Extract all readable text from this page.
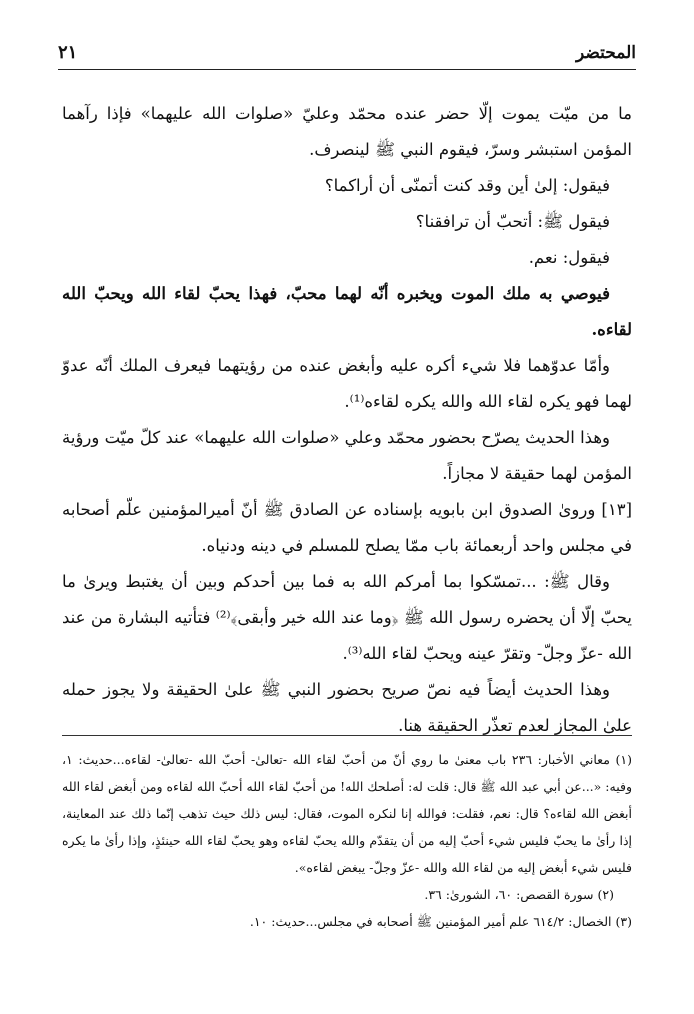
المحتضر
٢١

ما من ميّت يموت إلّا حضر عنده محمّد وعليّ «صلوات الله عليهما» فإذا رآهما المؤمن استبشر وسرّ، فيقوم النبي ﷺ لينصرف.

فيقول: إلىٰ أين وقد كنت أتمنّى أن أراكما؟

فيقول ﷺ: أتحبّ أن ترافقنا؟

فيقول: نعم.

فيوصي به ملك الموت ويخبره أنّه لهما محبّ، فهذا يحبّ لقاء الله ويحبّ الله لقاءه.

وأمّا عدوّهما فلا شيء أكره عليه وأبغض عنده من رؤيتهما فيعرف الملك أنّه عدوّ لهما فهو يكره لقاء الله والله يكره لقاءه⁽¹⁾.

وهذا الحديث يصرّح بحضور محمّد وعلي «صلوات الله عليهما» عند كلّ ميّت ورؤية المؤمن لهما حقيقة لا مجازاً.

[١٣] وروىٰ الصدوق ابن بابويه بإسناده عن الصادق ﷺ أنّ أميرالمؤمنين علّم أصحابه في مجلس واحد أربعمائة باب ممّا يصلح للمسلم في دينه ودنياه.

وقال ﷺ: ...تمسّكوا بما أمركم الله به فما بين أحدكم وبين أن يغتبط ويرىٰ ما يحبّ إلّا أن يحضره رسول الله ﷺ ﴿وما عند الله خير وأبقى﴾⁽²⁾ فتأتيه البشارة من عند الله -عزّ وجلّ- وتقرّ عينه ويحبّ لقاء الله⁽³⁾.

وهذا الحديث أيضاً فيه نصّ صريح بحضور النبي ﷺ علىٰ الحقيقة ولا يجوز حمله علىٰ المجاز لعدم تعذّر الحقيقة هنا.

(١) معاني الأخبار: ٢٣٦ باب معنىٰ ما روي أنّ من أحبّ لقاء الله -تعالىٰ- أحبّ الله -تعالىٰ- لقاءه...حديث: ١، وفيه: «...عن أبي عبد الله ﷺ قال: قلت له: أصلحك الله! من أحبّ لقاء الله أحبّ الله لقاءه ومن أبغض لقاء الله أبغض الله لقاءه؟ قال: نعم، فقلت: فوالله إنا لنكره الموت، فقال: ليس ذلك حيث تذهب إنّما ذلك عند المعاينة، إذا رأىٰ ما يحبّ فليس شيء أحبّ إليه من أن يتقدّم والله يحبّ لقاءه وهو يحبّ لقاء الله حينئذٍ، وإذا رأىٰ ما يكره فليس شيء أبغض إليه من لقاء الله والله -عزّ وجلّ- يبغض لقاءه».

(٢) سورة القصص: ٦٠، الشورىٰ: ٣٦.

(٣) الخصال: ٦١٤/٢ علم أمير المؤمنين ﷺ أصحابه في مجلس...حديث: ١٠.
